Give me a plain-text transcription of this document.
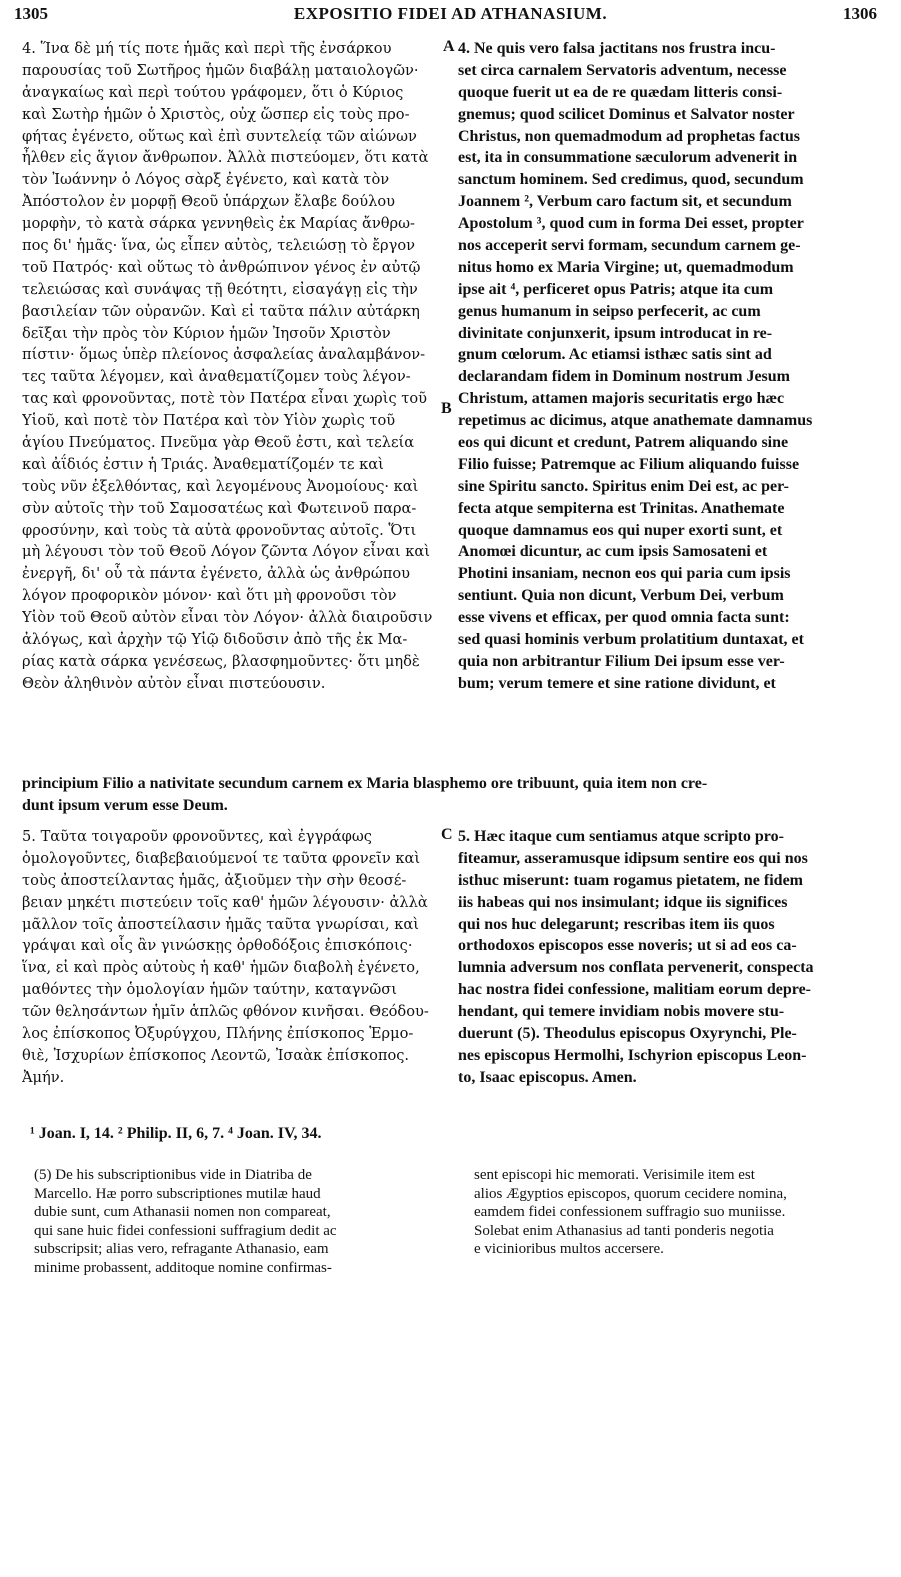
1305	EXPOSITIO FIDEI AD ATHANASIUM.	1306
4. Ἵνα δὲ μή τίς ποτε ἡμᾶς καὶ περὶ τῆς ἐνσάρκου
παρουσίας τοῦ Σωτῆρος ἡμῶν διαβάλῃ ματαιολογῶν·
ἀναγκαίως καὶ περὶ τούτου γράφομεν, ὅτι ὁ Κύριος
καὶ Σωτὴρ ἡμῶν ὁ Χριστὸς, οὐχ ὥσπερ εἰς τοὺς προ-
φήτας ἐγένετο, οὕτως καὶ ἐπὶ συντελείᾳ τῶν αἰώνων
ἦλθεν εἰς ἅγιον ἄνθρωπον. Ἀλλὰ πιστεύομεν, ὅτι κατὰ
τὸν Ἰωάννην ὁ Λόγος σὰρξ ἐγένετο, καὶ κατὰ τὸν
Ἀπόστολον ἐν μορφῇ Θεοῦ ὑπάρχων ἔλαβε δούλου
μορφὴν, τὸ κατὰ σάρκα γεννηθεὶς ἐκ Μαρίας ἄνθρω-
πος δι' ἡμᾶς· ἵνα, ὡς εἶπεν αὐτὸς, τελειώσῃ τὸ ἔργον
τοῦ Πατρός· καὶ οὕτως τὸ ἀνθρώπινον γένος ἐν αὐτῷ
τελειώσας καὶ συνάψας τῇ θεότητι, εἰσαγάγῃ εἰς τὴν
βασιλείαν τῶν οὐρανῶν. Καὶ εἰ ταῦτα πάλιν αὐτάρκη
δεῖξαι τὴν πρὸς τὸν Κύριον ἡμῶν Ἰησοῦν Χριστὸν
πίστιν· ὅμως ὑπὲρ πλείονος ἀσφαλείας ἀναλαμβάνον-
τες ταῦτα λέγομεν, καὶ ἀναθεματίζομεν τοὺς λέγον-
τας καὶ φρονοῦντας, ποτὲ τὸν Πατέρα εἶναι χωρὶς τοῦ
Υἱοῦ, καὶ ποτὲ τὸν Πατέρα καὶ τὸν Υἱὸν χωρὶς τοῦ
ἁγίου Πνεύματος. Πνεῦμα γὰρ Θεοῦ ἐστι, καὶ τελεία
καὶ ἀΐδιός ἐστιν ἡ Τριάς. Ἀναθεματίζομέν τε καὶ
τοὺς νῦν ἐξελθόντας, καὶ λεγομένους Ἀνομοίους· καὶ
σὺν αὐτοῖς τὴν τοῦ Σαμοσατέως καὶ Φωτεινοῦ παρα-
φροσύνην, καὶ τοὺς τὰ αὐτὰ φρονοῦντας αὐτοῖς. Ὅτι
μὴ λέγουσι τὸν τοῦ Θεοῦ Λόγον ζῶντα Λόγον εἶναι καὶ
ἐνεργῆ, δι' οὗ τὰ πάντα ἐγένετο, ἀλλὰ ὡς ἀνθρώπου
λόγον προφορικὸν μόνον· καὶ ὅτι μὴ φρονοῦσι τὸν
Υἱὸν τοῦ Θεοῦ αὐτὸν εἶναι τὸν Λόγον· ἀλλὰ διαιροῦσιν
ἀλόγως, καὶ ἀρχὴν τῷ Υἱῷ διδοῦσιν ἀπὸ τῆς ἐκ Μα-
ρίας κατὰ σάρκα γενέσεως, βλασφημοῦντες· ὅτι μηδὲ
Θεὸν ἀληθινὸν αὐτὸν εἶναι πιστεύουσιν.
4. Ne quis vero falsa jactitans nos frustra incu-
set circa carnalem Servatoris adventum, necesse
quoque fuerit ut ea de re quædam litteris consi-
gnemus; quod scilicet Dominus et Salvator noster
Christus, non quemadmodum ad prophetas factus
est, ita in consummatione sæculorum advenerit in
sanctum hominem. Sed credimus, quod, secundum
Joannem ², Verbum caro factum sit, et secundum
Apostolum ³, quod cum in forma Dei esset, propter
nos acceperit servi formam, secundum carnem ge-
nitus homo ex Maria Virgine; ut, quemadmodum
ipse ait ⁴, perficeret opus Patris; atque ita cum
genus humanum in seipso perfecerit, ac cum
divinitate conjunxerit, ipsum introducat in re-
gnum cœlorum. Ac etiamsi isthæc satis sint ad
declarandam fidem in Dominum nostrum Jesum
Christum, attamen majoris securitatis ergo hæc
repetimus ac dicimus, atque anathemate damnamus
eos qui dicunt et credunt, Patrem aliquando sine
Filio fuisse; Patremque ac Filium aliquando fuisse
sine Spiritu sancto. Spiritus enim Dei est, ac per-
fecta atque sempiterna est Trinitas. Anathemate
quoque damnamus eos qui nuper exorti sunt, et
Anomœi dicuntur, ac cum ipsis Samosateni et
Photini insaniam, necnon eos qui paria cum ipsis
sentiunt. Quia non dicunt, Verbum Dei, verbum
esse vivens et efficax, per quod omnia facta sunt:
sed quasi hominis verbum prolatitium duntaxat, et
quia non arbitrantur Filium Dei ipsum esse ver-
bum; verum temere et sine ratione dividunt, et
A
B
C
principium Filio a nativitate secundum carnem ex Maria blasphemo ore tribuunt, quia item non cre-
dunt ipsum verum esse Deum.
5. Ταῦτα τοιγαροῦν φρονοῦντες, καὶ ἐγγράφως
ὁμολογοῦντες, διαβεβαιούμενοί τε ταῦτα φρονεῖν καὶ
τοὺς ἀποστείλαντας ἡμᾶς, ἀξιοῦμεν τὴν σὴν θεοσέ-
βειαν μηκέτι πιστεύειν τοῖς καθ' ἡμῶν λέγουσιν· ἀλλὰ
μᾶλλον τοῖς ἀποστείλασιν ἡμᾶς ταῦτα γνωρίσαι, καὶ
γράψαι καὶ οἷς ἂν γινώσκῃς ὀρθοδόξοις ἐπισκόποις·
ἵνα, εἰ καὶ πρὸς αὐτοὺς ἡ καθ' ἡμῶν διαβολὴ ἐγένετο,
μαθόντες τὴν ὁμολογίαν ἡμῶν ταύτην, καταγνῶσι
τῶν θελησάντων ἡμῖν ἁπλῶς φθόνον κινῆσαι. Θεόδου-
λος ἐπίσκοπος Ὀξυρύγχου, Πλήνης ἐπίσκοπος Ἑρμο-
θιὲ, Ἰσχυρίων ἐπίσκοπος Λεοντῶ, Ἰσαὰκ ἐπίσκοπος.
Ἀμήν.
5. Hæc itaque cum sentiamus atque scripto pro-
fiteamur, asseramusque idipsum sentire eos qui nos
isthuc miserunt: tuam rogamus pietatem, ne fidem
iis habeas qui nos insimulant; idque iis significes
qui nos huc delegarunt; rescribas item iis quos
orthodoxos episcopos esse noveris; ut si ad eos ca-
lumnia adversum nos conflata pervenerit, conspecta
hac nostra fidei confessione, malitiam eorum depre-
hendant, qui temere invidiam nobis movere stu-
duerunt (5). Theodulus episcopus Oxyrynchi, Ple-
nes episcopus Hermolhi, Ischyrion episcopus Leon-
to, Isaac episcopus. Amen.
¹ Joan. I, 14. ² Philip. II, 6, 7. ⁴ Joan. IV, 34.
(5) De his subscriptionibus vide in Diatriba de
Marcello. Hæ porro subscriptiones mutilæ haud
dubie sunt, cum Athanasii nomen non compareat,
qui sane huic fidei confessioni suffragium dedit ac
subscripsit; alias vero, refragante Athanasio, eam
minime probassent, additoque nomine confirmas-
sent episcopi hic memorati. Verisimile item est
alios Ægyptios episcopos, quorum cecidere nomina,
eamdem fidei confessionem suffragio suo muniisse.
Solebat enim Athanasius ad tanti ponderis negotia
e vicinioribus multos accersere.
